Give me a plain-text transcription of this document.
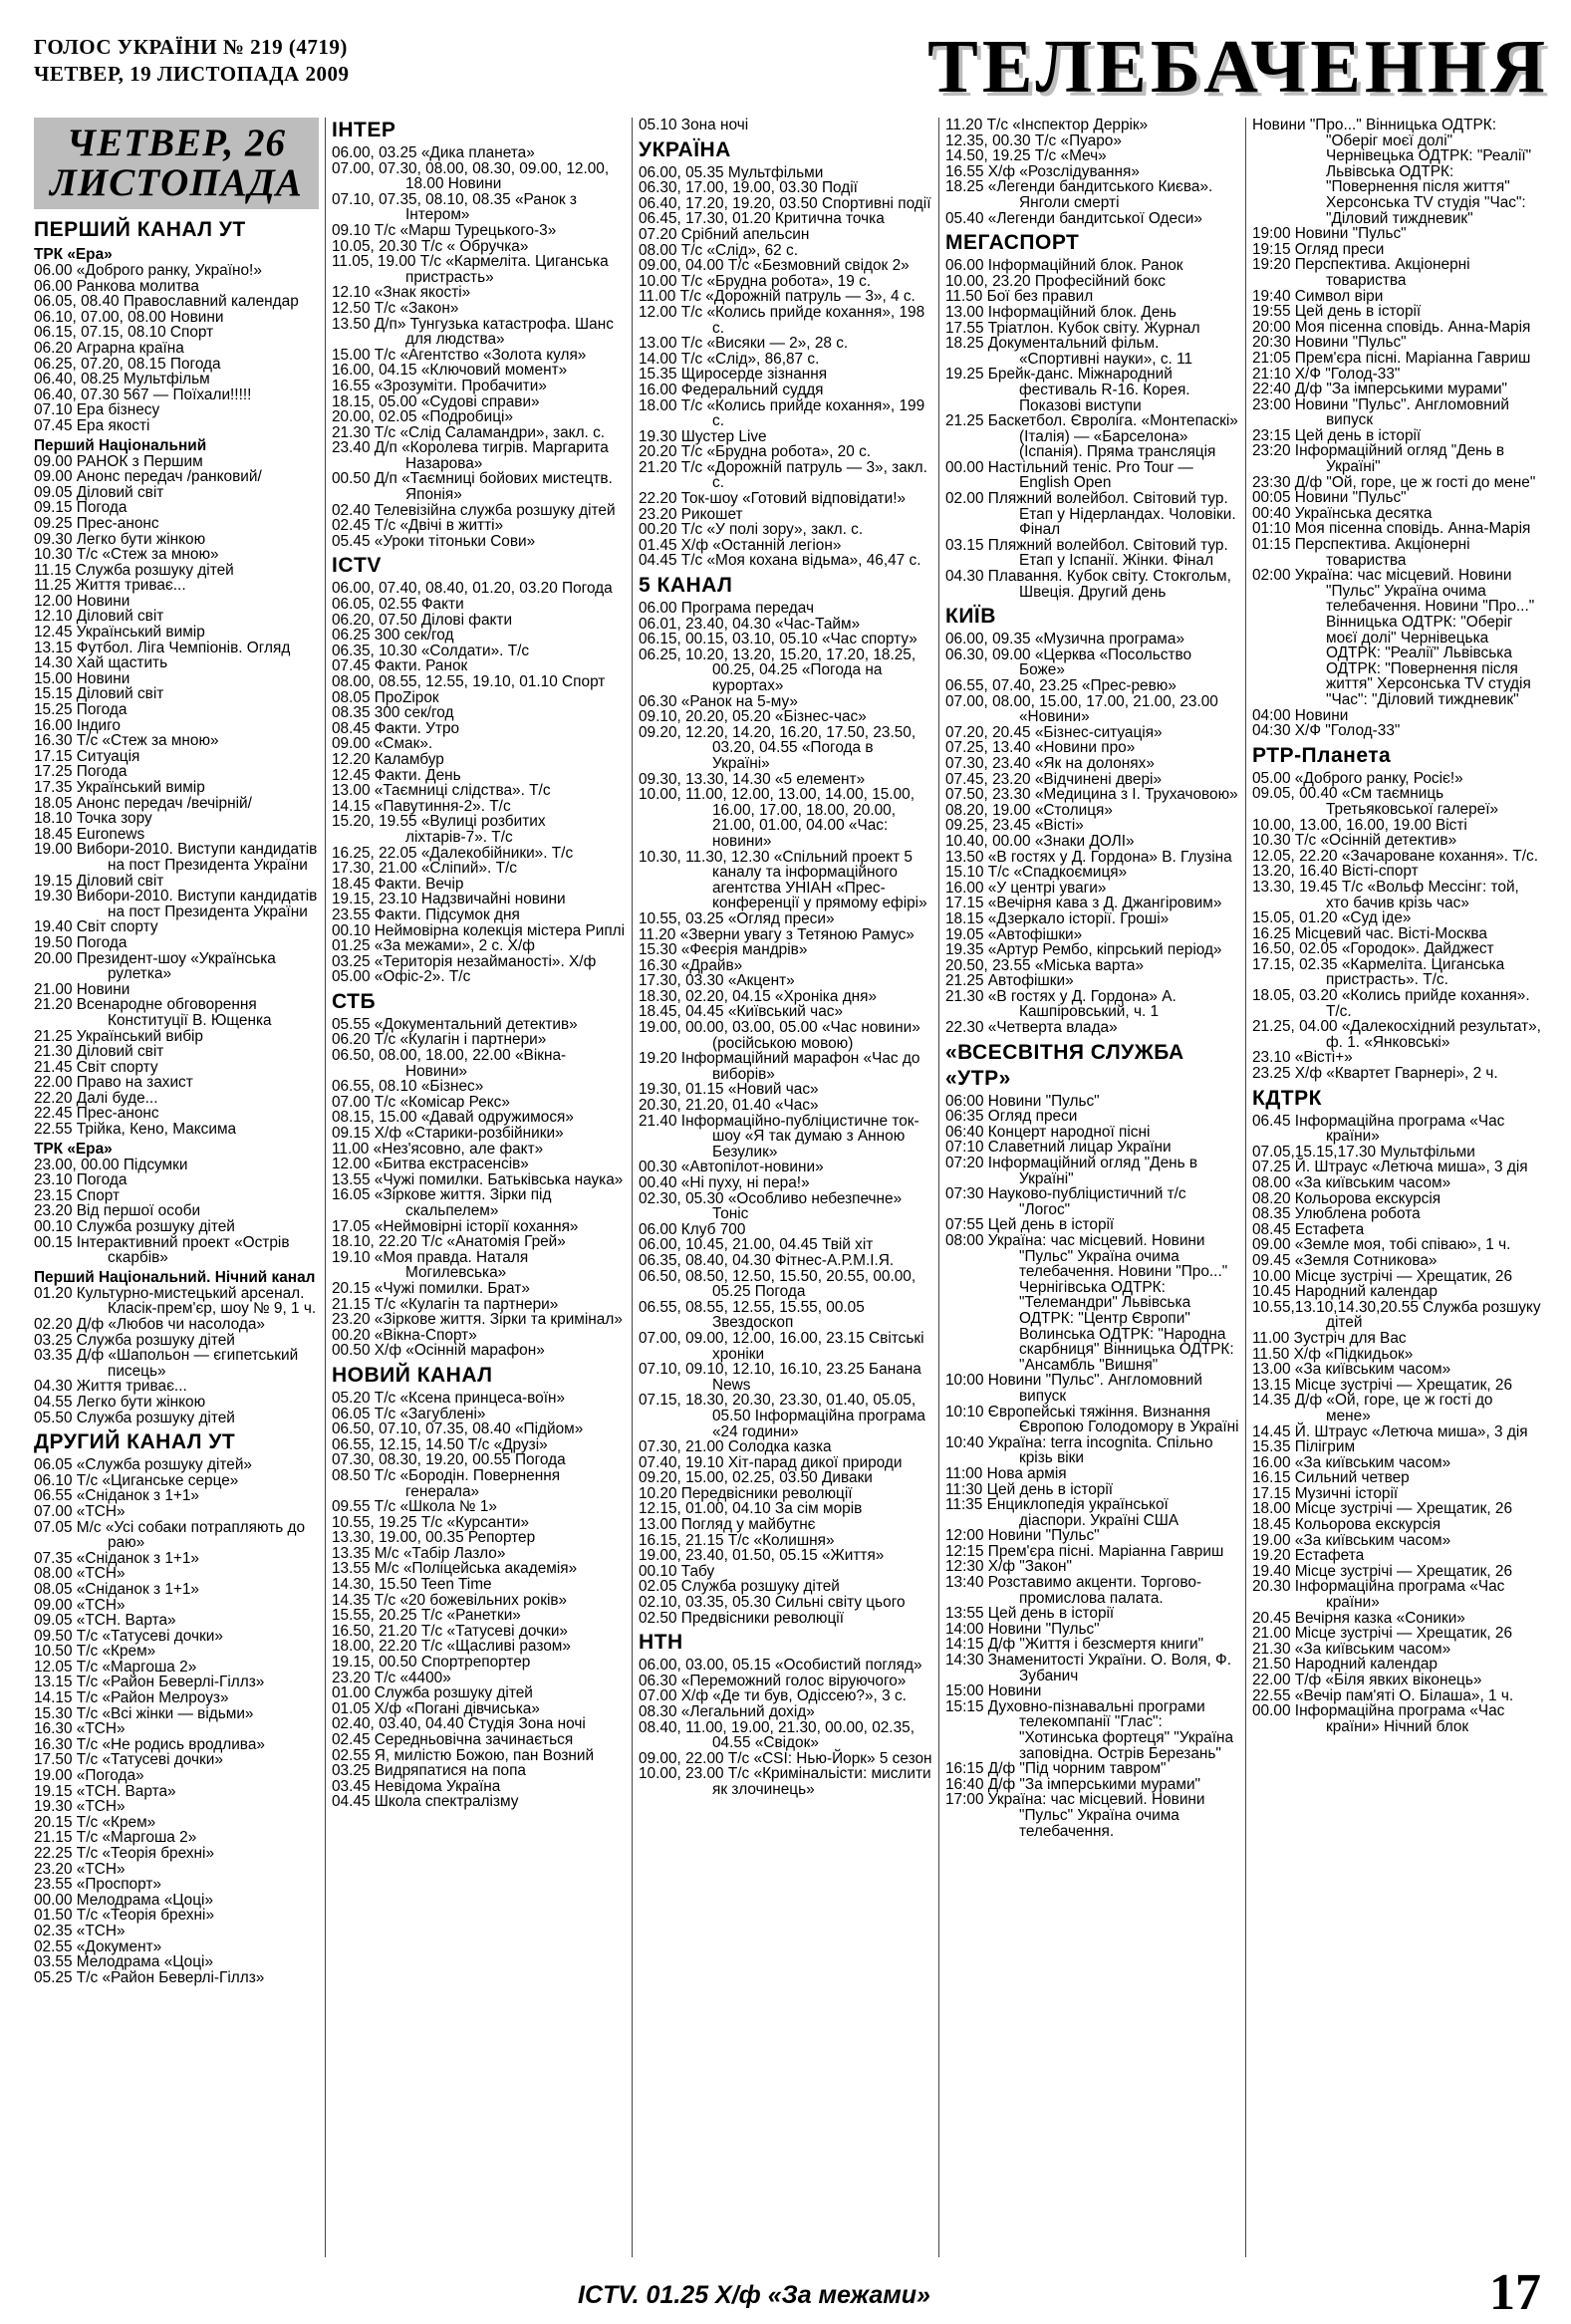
ГОЛОС УКРАЇНИ № 219 (4719)
ЧЕТВЕР, 19 ЛИСТОПАДА 2009	ТЕЛЕБАЧЕННЯ
ЧЕТВЕР, 26 ЛИСТОПАДА
ПЕРШИЙ КАНАЛ УТ
ТРК «Ера»
06.00 «Доброго ранку, Україно!»
06.00 Ранкова молитва
06.05, 08.40 Православний календар
06.10, 07.00, 08.00 Новини
06.15, 07.15, 08.10 Спорт
06.20 Аграрна країна
06.25, 07.20, 08.15 Погода
06.40, 08.25 Мультфільм
06.40, 07.30 567 — Поїхали!!!!!
07.10 Ера бізнесу
07.45 Ера якості
Перший Національний
09.00 РАНОК з Першим
09.00 Анонс передач /ранковий/
09.05 Діловий світ
09.15 Погода
09.25 Прес-анонс
09.30 Легко бути жінкою
10.30 Т/с «Стеж за мною»
11.15 Служба розшуку дітей
11.25 Життя триває...
12.00 Новини
12.10 Діловий світ
12.45 Український вимір
13.15 Футбол. Ліга Чемпіонів. Огляд
14.30 Хай щастить
15.00 Новини
15.15 Діловий світ
15.25 Погода
16.00 Індиго
16.30 Т/с «Стеж за мною»
17.15 Ситуація
17.25 Погода
17.35 Український вимір
18.05 Анонс передач /вечірній/
18.10 Точка зору
18.45 Euronews
19.00 Вибори-2010. Виступи кандидатів на пост Президента України
19.15 Діловий світ
19.30 Вибори-2010. Виступи кандидатів на пост Президента України
19.40 Світ спорту
19.50 Погода
20.00 Президент-шоу «Українська рулетка»
21.00 Новини
21.20 Всенародне обговорення Конституції В. Ющенка
21.25 Український вибір
21.30 Діловий світ
21.45 Світ спорту
22.00 Право на захист
22.20 Далі буде...
22.45 Прес-анонс
22.55 Трійка, Кено, Максима
ТРК «Ера»
23.00, 00.00 Підсумки
23.10 Погода
23.15 Спорт
23.20 Від першої особи
00.10 Служба розшуку дітей
00.15 Інтерактивний проект «Острів скарбів»
Перший Національний. Нічний канал
01.20 Культурно-мистецький арсенал. Класік-прем'єр, шоу № 9, 1 ч.
02.20 Д/ф «Любов чи насолода»
03.25 Служба розшуку дітей
03.35 Д/ф «Шапольон — єгипетський писець»
04.30 Життя триває...
04.55 Легко бути жінкою
05.50 Служба розшуку дітей
ДРУГИЙ КАНАЛ УТ
06.05 «Служба розшуку дітей»
06.10 Т/с «Циганське серце»
06.55 «Сніданок з 1+1»
07.00 «ТСН»
07.05 М/с «Усі собаки потрапляють до раю»
07.35 «Сніданок з 1+1»
08.00 «ТСН»
08.05 «Сніданок з 1+1»
09.00 «ТСН»
09.05 «ТСН. Варта»
09.50 Т/с «Татусеві дочки»
10.50 Т/с «Крем»
12.05 Т/с «Маргоша 2»
13.15 Т/с «Район Беверлі-Гіллз»
14.15 Т/с «Район Мелроуз»
15.30 Т/с «Всі жінки — відьми»
16.30 «ТСН»
16.30 Т/с «Не родись вродлива»
17.50 Т/с «Татусеві дочки»
19.00 «Погода»
19.15 «ТСН. Варта»
19.30 «ТСН»
20.15 Т/с «Крем»
21.15 Т/с «Маргоша 2»
22.25 Т/с «Теорія брехні»
23.20 «ТСН»
23.55 «Проспорт»
00.00 Мелодрама «Цоці»
01.50 Т/с «Теорія брехні»
02.35 «ТСН»
02.55 «Документ»
03.55 Мелодрама «Цоці»
05.25 Т/с «Район Беверлі-Гіллз»
ІНТЕР
06.00, 03.25 «Дика планета»
07.00, 07.30, 08.00, 08.30, 09.00, 12.00, 18.00 Новини
07.10, 07.35, 08.10, 08.35 «Ранок з Інтером»
09.10 Т/с «Марш Турецького-3»
10.05, 20.30 Т/с « Обручка»
11.05, 19.00 Т/с «Кармеліта. Циганська пристрасть»
12.10 «Знак якості»
12.50 Т/с «Закон»
13.50 Д/п» Тунгузька катастрофа. Шанс для людства»
15.00 Т/с «Агентство «Золота куля»
16.00, 04.15 «Ключовий момент»
16.55 «Зрозуміти. Пробачити»
18.15, 05.00 «Судові справи»
20.00, 02.05 «Подробиці»
21.30 Т/с «Слід Саламандри», закл. с.
23.40 Д/п «Королева тигрів. Маргарита Назарова»
00.50 Д/п «Таємниці бойових мистецтв. Японія»
02.40 Телевізійна служба розшуку дітей
02.45 Т/с «Двічі в житті»
05.45 «Уроки тітоньки Сови»
ICTV
06.00, 07.40, 08.40, 01.20, 03.20 Погода
06.05, 02.55 Факти
06.20, 07.50 Ділові факти
06.25 300 сек/год
06.35, 10.30 «Солдати». Т/с
07.45 Факти. Ранок
08.00, 08.55, 12.55, 19.10, 01.10 Спорт
08.05 ПроZірок
08.35 300 сек/год
08.45 Факти. Утро
09.00 «Смак».
12.20 Каламбур
12.45 Факти. День
13.00 «Таємниці слідства». Т/с
14.15 «Павутиння-2». Т/с
15.20, 19.55 «Вулиці розбитих ліхтарів-7». Т/с
16.25, 22.05 «Далекобійники». Т/с
17.30, 21.00 «Сліпий». Т/с
18.45 Факти. Вечір
19.15, 23.10 Надзвичайні новини
23.55 Факти. Підсумок дня
00.10 Неймовірна колекція містера Риплі
01.25 «За межами», 2 с. Х/ф
03.25 «Територія незайманості». Х/ф
05.00 «Офіс-2». Т/с
СТБ
05.55 «Документальний детектив»
06.20 Т/с «Кулагін і партнери»
06.50, 08.00, 18.00, 22.00 «Вікна-Новини»
06.55, 08.10 «Бізнес»
07.00 Т/с «Комісар Рекс»
08.15, 15.00 «Давай одружимося»
09.15 Х/ф «Старики-розбійники»
11.00 «Нез'ясовно, але факт»
12.00 «Битва екстрасенсів»
13.55 «Чужі помилки. Батьківська наука»
16.05 «Зіркове життя. Зірки під скальпелем»
17.05 «Неймовірні історії кохання»
18.10, 22.20 Т/с «Анатомія Грей»
19.10 «Моя правда. Наталя Могилевська»
20.15 «Чужі помилки. Брат»
21.15 Т/с «Кулагін та партнери»
23.20 «Зіркове життя. Зірки та кримінал»
00.20 «Вікна-Спорт»
00.50 Х/ф «Осінній марафон»
НОВИЙ КАНАЛ
05.20 Т/с «Ксена принцеса-воїн»
06.05 Т/с «Загублені»
06.50, 07.10, 07.35, 08.40 «Підйом»
06.55, 12.15, 14.50 Т/с «Друзі»
07.30, 08.30, 19.20, 00.55 Погода
08.50 Т/с «Бородін. Повернення генерала»
09.55 Т/с «Школа № 1»
10.55, 19.25 Т/с «Курсанти»
13.30, 19.00, 00.35 Репортер
13.35 М/с «Табір Лазло»
13.55 М/с «Поліцейська академія»
14.30, 15.50 Teen Time
14.35 Т/с «20 божевільних років»
15.55, 20.25 Т/с «Ранетки»
16.50, 21.20 Т/с «Татусеві дочки»
18.00, 22.20 Т/с «Щасливі разом»
19.15, 00.50 Спортрепортер
23.20 Т/с «4400»
01.00 Служба розшуку дітей
01.05 Х/ф «Погані дівчиська»
02.40, 03.40, 04.40 Студія Зона ночі
02.45 Середньовічна зачинається
02.55 Я, милістю Божою, пан Возний
03.25 Видряпатися на попа
03.45 Невідома Україна
04.45 Школа спектралізму
05.10 Зона ночі
УКРАЇНА
06.00, 05.35 Мультфільми
06.30, 17.00, 19.00, 03.30 Події
06.40, 17.20, 19.20, 03.50 Спортивні події
06.45, 17.30, 01.20 Критична точка
07.20 Срібний апельсин
08.00 Т/с «Слід», 62 с.
09.00, 04.00 Т/с «Безмовний свідок 2»
10.00 Т/с «Брудна робота», 19 с.
11.00 Т/с «Дорожній патруль — 3», 4 с.
12.00 Т/с «Колись прийде кохання», 198 с.
13.00 Т/с «Висяки — 2», 28 с.
14.00 Т/с «Слід», 86,87 с.
15.35 Щиросерде зізнання
16.00 Федеральний суддя
18.00 Т/с «Колись прийде кохання», 199 с.
19.30 Шустер Live
20.20 Т/с «Брудна робота», 20 с.
21.20 Т/с «Дорожній патруль — 3», закл. с.
22.20 Ток-шоу «Готовий відповідати!»
23.20 Рикошет
00.20 Т/с «У полі зору», закл. с.
01.45 Х/ф «Останній легіон»
04.45 Т/с «Моя кохана відьма», 46,47 с.
5 КАНАЛ
06.00 Програма передач
06.01, 23.40, 04.30 «Час-Тайм»
06.15, 00.15, 03.10, 05.10 «Час спорту»
06.25, 10.20, 13.20, 15.20, 17.20, 18.25, 00.25, 04.25 «Погода на курортах»
06.30 «Ранок на 5-му»
09.10, 20.20, 05.20 «Бізнес-час»
09.20, 12.20, 14.20, 16.20, 17.50, 23.50, 03.20, 04.55 «Погода в Україні»
09.30, 13.30, 14.30 «5 елемент»
10.00, 11.00, 12.00, 13.00, 14.00, 15.00, 16.00, 17.00, 18.00, 20.00, 21.00, 01.00, 04.00 «Час: новини»
10.30, 11.30, 12.30 «Спільний проект 5 каналу та інформаційного агентства УНІАН «Прес-конференції у прямому ефірі»
10.55, 03.25 «Огляд преси»
11.20 «Зверни увагу з Тетяною Рамус»
15.30 «Феєрія мандрів»
16.30 «Драйв»
17.30, 03.30 «Акцент»
18.30, 02.20, 04.15 «Хроніка дня»
18.45, 04.45 «Київський час»
19.00, 00.00, 03.00, 05.00 «Час новини» (російською мовою)
19.20 Інформаційний марафон «Час до виборів»
19.30, 01.15 «Новий час»
20.30, 21.20, 01.40 «Час»
21.40 Інформаційно-публіцистичне ток-шоу «Я так думаю з Анною Безулик»
00.30 «Автопілот-новини»
00.40 «Ні пуху, ні пера!»
02.30, 05.30 «Особливо небезпечне» Тоніс
06.00 Клуб 700
06.00, 10.45, 21.00, 04.45 Твій хіт
06.35, 08.40, 04.30 Фітнес-А.Р.М.І.Я.
06.50, 08.50, 12.50, 15.50, 20.55, 00.00, 05.25 Погода
06.55, 08.55, 12.55, 15.55, 00.05 Звездоскоп
07.00, 09.00, 12.00, 16.00, 23.15 Світські хроніки
07.10, 09.10, 12.10, 16.10, 23.25 Банана News
07.15, 18.30, 20.30, 23.30, 01.40, 05.05, 05.50 Інформаційна програма «24 години»
07.30, 21.00 Солодка казка
07.40, 19.10 Хіт-парад дикої природи
09.20, 15.00, 02.25, 03.50 Диваки
10.20 Передвісники революції
12.15, 01.00, 04.10 За сім морів
13.00 Погляд у майбутнє
16.15, 21.15 Т/с «Колишня»
19.00, 23.40, 01.50, 05.15 «Життя»
00.10 Табу
02.05 Служба розшуку дітей
02.10, 03.35, 05.30 Сильні світу цього
02.50 Предвісники революції
НТН
06.00, 03.00, 05.15 «Особистий погляд»
06.30 «Переможний голос віруючого»
07.00 Х/ф «Де ти був, Одіссею?», 3 с.
08.30 «Легальний дохід»
08.40, 11.00, 19.00, 21.30, 00.00, 02.35, 04.55 «Свідок»
09.00, 22.00 Т/с «CSI: Нью-Йорк» 5 сезон
10.00, 23.00 Т/с «Кримінальісти: мислити як злочинець»
11.20 Т/с «Інспектор Деррік»
12.35, 00.30 Т/с «Пуаро»
14.50, 19.25 Т/с «Меч»
16.55 Х/ф «Розслідування»
18.25 «Легенди бандитського Києва». Янголи смерті
05.40 «Легенди бандитської Одеси»
МЕГАСПОРТ
06.00 Інформаційний блок. Ранок
10.00, 23.20 Професійний бокс
11.50 Бої без правил
13.00 Інформаційний блок. День
17.55 Тріатлон. Кубок світу. Журнал
18.25 Документальний фільм. «Спортивні науки», с. 11
19.25 Брейк-данс. Міжнародний фестиваль R-16. Корея. Показові виступи
21.25 Баскетбол. Євроліга. «Монтепаскі» (Італія) — «Барселона» (Іспанія). Пряма трансляція
00.00 Настільний теніс. Pro Tour — English Open
02.00 Пляжний волейбол. Світовий тур. Етап у Нідерландах. Чоловіки. Фінал
03.15 Пляжний волейбол. Світовий тур. Етап у Іспанії. Жінки. Фінал
04.30 Плавання. Кубок світу. Стокгольм, Швеція. Другий день
КИЇВ
06.00, 09.35 «Музична програма»
06.30, 09.00 «Церква «Посольство Боже»
06.55, 07.40, 23.25 «Прес-ревю»
07.00, 08.00, 15.00, 17.00, 21.00, 23.00 «Новини»
07.20, 20.45 «Бізнес-ситуація»
07.25, 13.40 «Новини про»
07.30, 23.40 «Як на долонях»
07.45, 23.20 «Відчинені двері»
07.50, 23.30 «Медицина з І. Трухачовою»
08.20, 19.00 «Столиця»
09.25, 23.45 «Вісті»
10.40, 00.00 «Знаки ДОЛІ»
13.50 «В гостях у Д. Гордона» В. Глузіна
15.10 Т/с «Спадкоємиця»
16.00 «У центрі уваги»
17.15 «Вечірня кава з Д. Джангіровим»
18.15 «Дзеркало історії. Гроші»
19.05 «Автофішки»
19.35 «Артур Рембо, кіпрський період»
20.50, 23.55 «Міська варта»
21.25 Автофішки»
21.30 «В гостях у Д. Гордона» А. Кашпіровський, ч. 1
22.30 «Четверта влада»
«ВСЕСВІТНЯ СЛУЖБА «УТР»
06:00 Новини "Пульс"
06:35 Огляд преси
06:40 Концерт народної пісні
07:10 Славетний лицар України
07:20 Інформаційний огляд "День в Україні"
07:30 Науково-публіцистичний т/с "Логос"
07:55 Цей день в історії
08:00 Україна: час місцевий. Новини "Пульс" Україна очима телебачення. Новини "Про..." Чернігівська ОДТРК: "Телемандри" Львівська ОДТРК: "Центр Європи" Волинська ОДТРК: "Народна скарбниця" Вінницька ОДТРК: "Ансамбль "Вишня"
10:00 Новини "Пульс". Англомовний випуск
10:10 Європейські тяжіння. Визнання Європою Голодомору в Україні
10:40 Україна: terra incognita. Спільно крізь віки
11:00 Нова армія
11:30 Цей день в історії
11:35 Енциклопедія української діаспори. Україні США
12:00 Новини "Пульс"
12:15 Прем'єра пісні. Маріанна Гавриш
12:30 Х/ф "Закон"
13:40 Розставимо акценти. Торгово-промислова палата.
13:55 Цей день в історії
14:00 Новини "Пульс"
14:15 Д/ф "Життя і безсмертя книги"
14:30 Знаменитості України. О. Воля, Ф. Зубанич
15:00 Новини
15:15 Духовно-пізнавальні програми телекомпанії "Глас": "Хотинська фортеця" "Україна заповідна. Острів Березань"
16:15 Д/ф "Під чорним тавром"
16:40 Д/ф "За імперськими мурами"
17:00 Україна: час місцевий. Новини "Пульс" Україна очима телебачення.
Новини "Про..." Вінницька ОДТРК: "Оберіг моєї долі" Чернівецька ОДТРК: "Реалії" Львівська ОДТРК: "Повернення після життя" Херсонська TV студія "Час": "Діловий тиждневик"
19:00 Новини "Пульс"
19:15 Огляд преси
19:20 Перспектива. Акціонерні товариства
19:40 Символ віри
19:55 Цей день в історії
20:00 Моя пісенна сповідь. Анна-Марія
20:30 Новини "Пульс"
21:05 Прем'єра пісні. Маріанна Гавриш
21:10 Х/Ф "Голод-33"
22:40 Д/ф "За імперськими мурами"
23:00 Новини "Пульс". Англомовний випуск
23:15 Цей день в історії
23:20 Інформаційний огляд "День в Україні"
23:30 Д/ф "Ой, горе, це ж гості до мене"
00:05 Новини "Пульс"
00:40 Українська десятка
01:10 Моя пісенна сповідь. Анна-Марія
01:15 Перспектива. Акціонерні товариства
02:00 Україна: час місцевий. Новини "Пульс" Україна очима телебачення. Новини "Про..." Вінницька ОДТРК: "Оберіг моєї долі" Чернівецька ОДТРК: "Реалії" Львівська ОДТРК: "Повернення після життя" Херсонська TV студія "Час": "Діловий тиждневик"
04:00 Новини
04:30 Х/Ф "Голод-33"
РТР-Планета
05.00 «Доброго ранку, Росіє!»
09.05, 00.40 «См таємниць Третьяковської галереї»
10.00, 13.00, 16.00, 19.00 Вісті
10.30 Т/с «Осінній детектив»
12.05, 22.20 «Зачароване кохання». Т/с.
13.20, 16.40 Вісті-спорт
13.30, 19.45 Т/с «Вольф Мессінг: той, хто бачив крізь час»
15.05, 01.20 «Суд іде»
16.25 Місцевий час. Вісті-Москва
16.50, 02.05 «Городок». Дайджест
17.15, 02.35 «Кармеліта. Циганська пристрасть». Т/с.
18.05, 03.20 «Колись прийде кохання». Т/с.
21.25, 04.00 «Далекосхідний результат», ф. 1. «Янковські»
23.10 «Вісті+»
23.25 Х/ф «Квартет Гварнері», 2 ч.
КДТРК
06.45 Інформаційна програма «Час країни»
07.05,15.15,17.30 Мультфільми
07.25 Й. Штраус «Летюча миша», 3 дія
08.00 «За київським часом»
08.20 Кольорова екскурсія
08.35 Улюблена робота
08.45 Естафета
09.00 «Земле моя, тобі співаю», 1 ч.
09.45 «Земля Сотникова»
10.00 Місце зустрічі — Хрещатик, 26
10.45 Народний календар
10.55,13.10,14.30,20.55 Служба розшуку дітей
11.00 Зустріч для Вас
11.50 Х/ф «Підкидьок»
13.00 «За київським часом»
13.15 Місце зустрічі — Хрещатик, 26
14.35 Д/ф «Ой, горе, це ж гості до мене»
14.45 Й. Штраус «Летюча миша», 3 дія
15.35 Пілігрим
16.00 «За київським часом»
16.15 Сильний четвер
17.15 Музичні історії
18.00 Місце зустрічі — Хрещатик, 26
18.45 Кольорова екскурсія
19.00 «За київським часом»
19.20 Естафета
19.40 Місце зустрічі — Хрещатик, 26
20.30 Інформаційна програма «Час країни»
20.45 Вечірня казка «Соники»
21.00 Місце зустрічі — Хрещатик, 26
21.30 «За київським часом»
21.50 Народний календар
22.00 Т/ф «Біля явких віконець»
22.55 «Вечір пам'яті О. Білаша», 1 ч.
00.00 Інформаційна програма «Час країни» Нічний блок
ICTV. 01.25 Х/ф «За межами»	17
